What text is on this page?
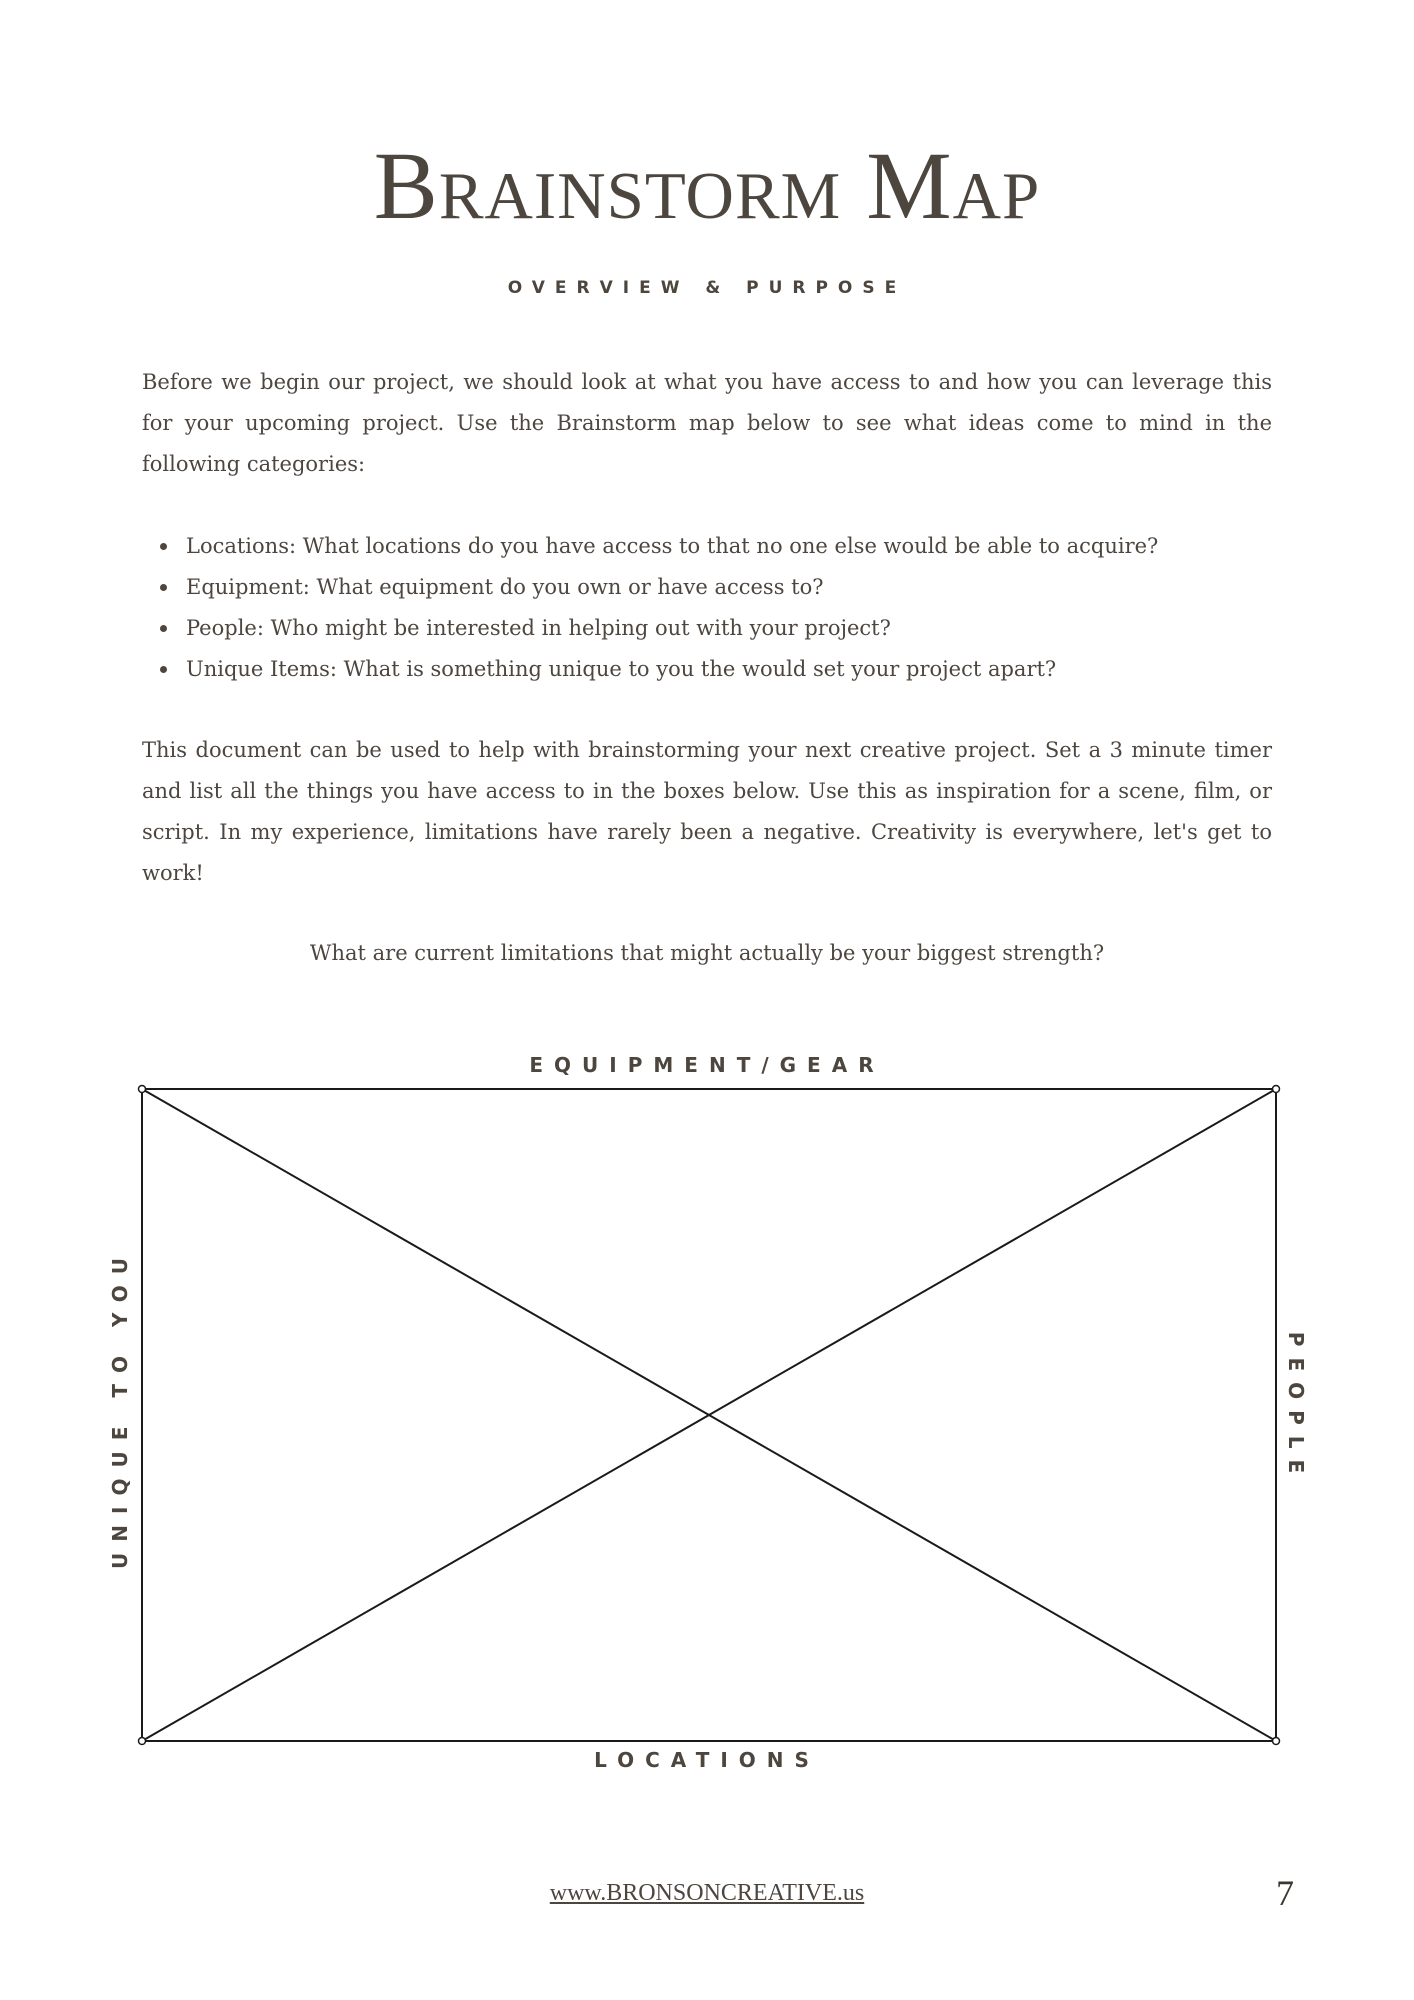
Brainstorm Map
OVERVIEW & PURPOSE

Before we begin our project, we should look at what you have access to and how you can leverage this for your upcoming project. Use the Brainstorm map below to see what ideas come to mind in the following categories:

Locations: What locations do you have access to that no one else would be able to acquire?
Equipment: What equipment do you own or have access to?
People: Who might be interested in helping out with your project?
Unique Items: What is something unique to you the would set your project apart?

This document can be used to help with brainstorming your next creative project. Set a 3 minute timer and list all the things you have access to in the boxes below. Use this as inspiration for a scene, film, or script. In my experience, limitations have rarely been a negative. Creativity is everywhere, let's get to work!

What are current limitations that might actually be your biggest strength?
EQUIPMENT/GEAR
UNIQUE TO YOU	PEOPLE
LOCATIONS
www.BRONSONCREATIVE.us	7
